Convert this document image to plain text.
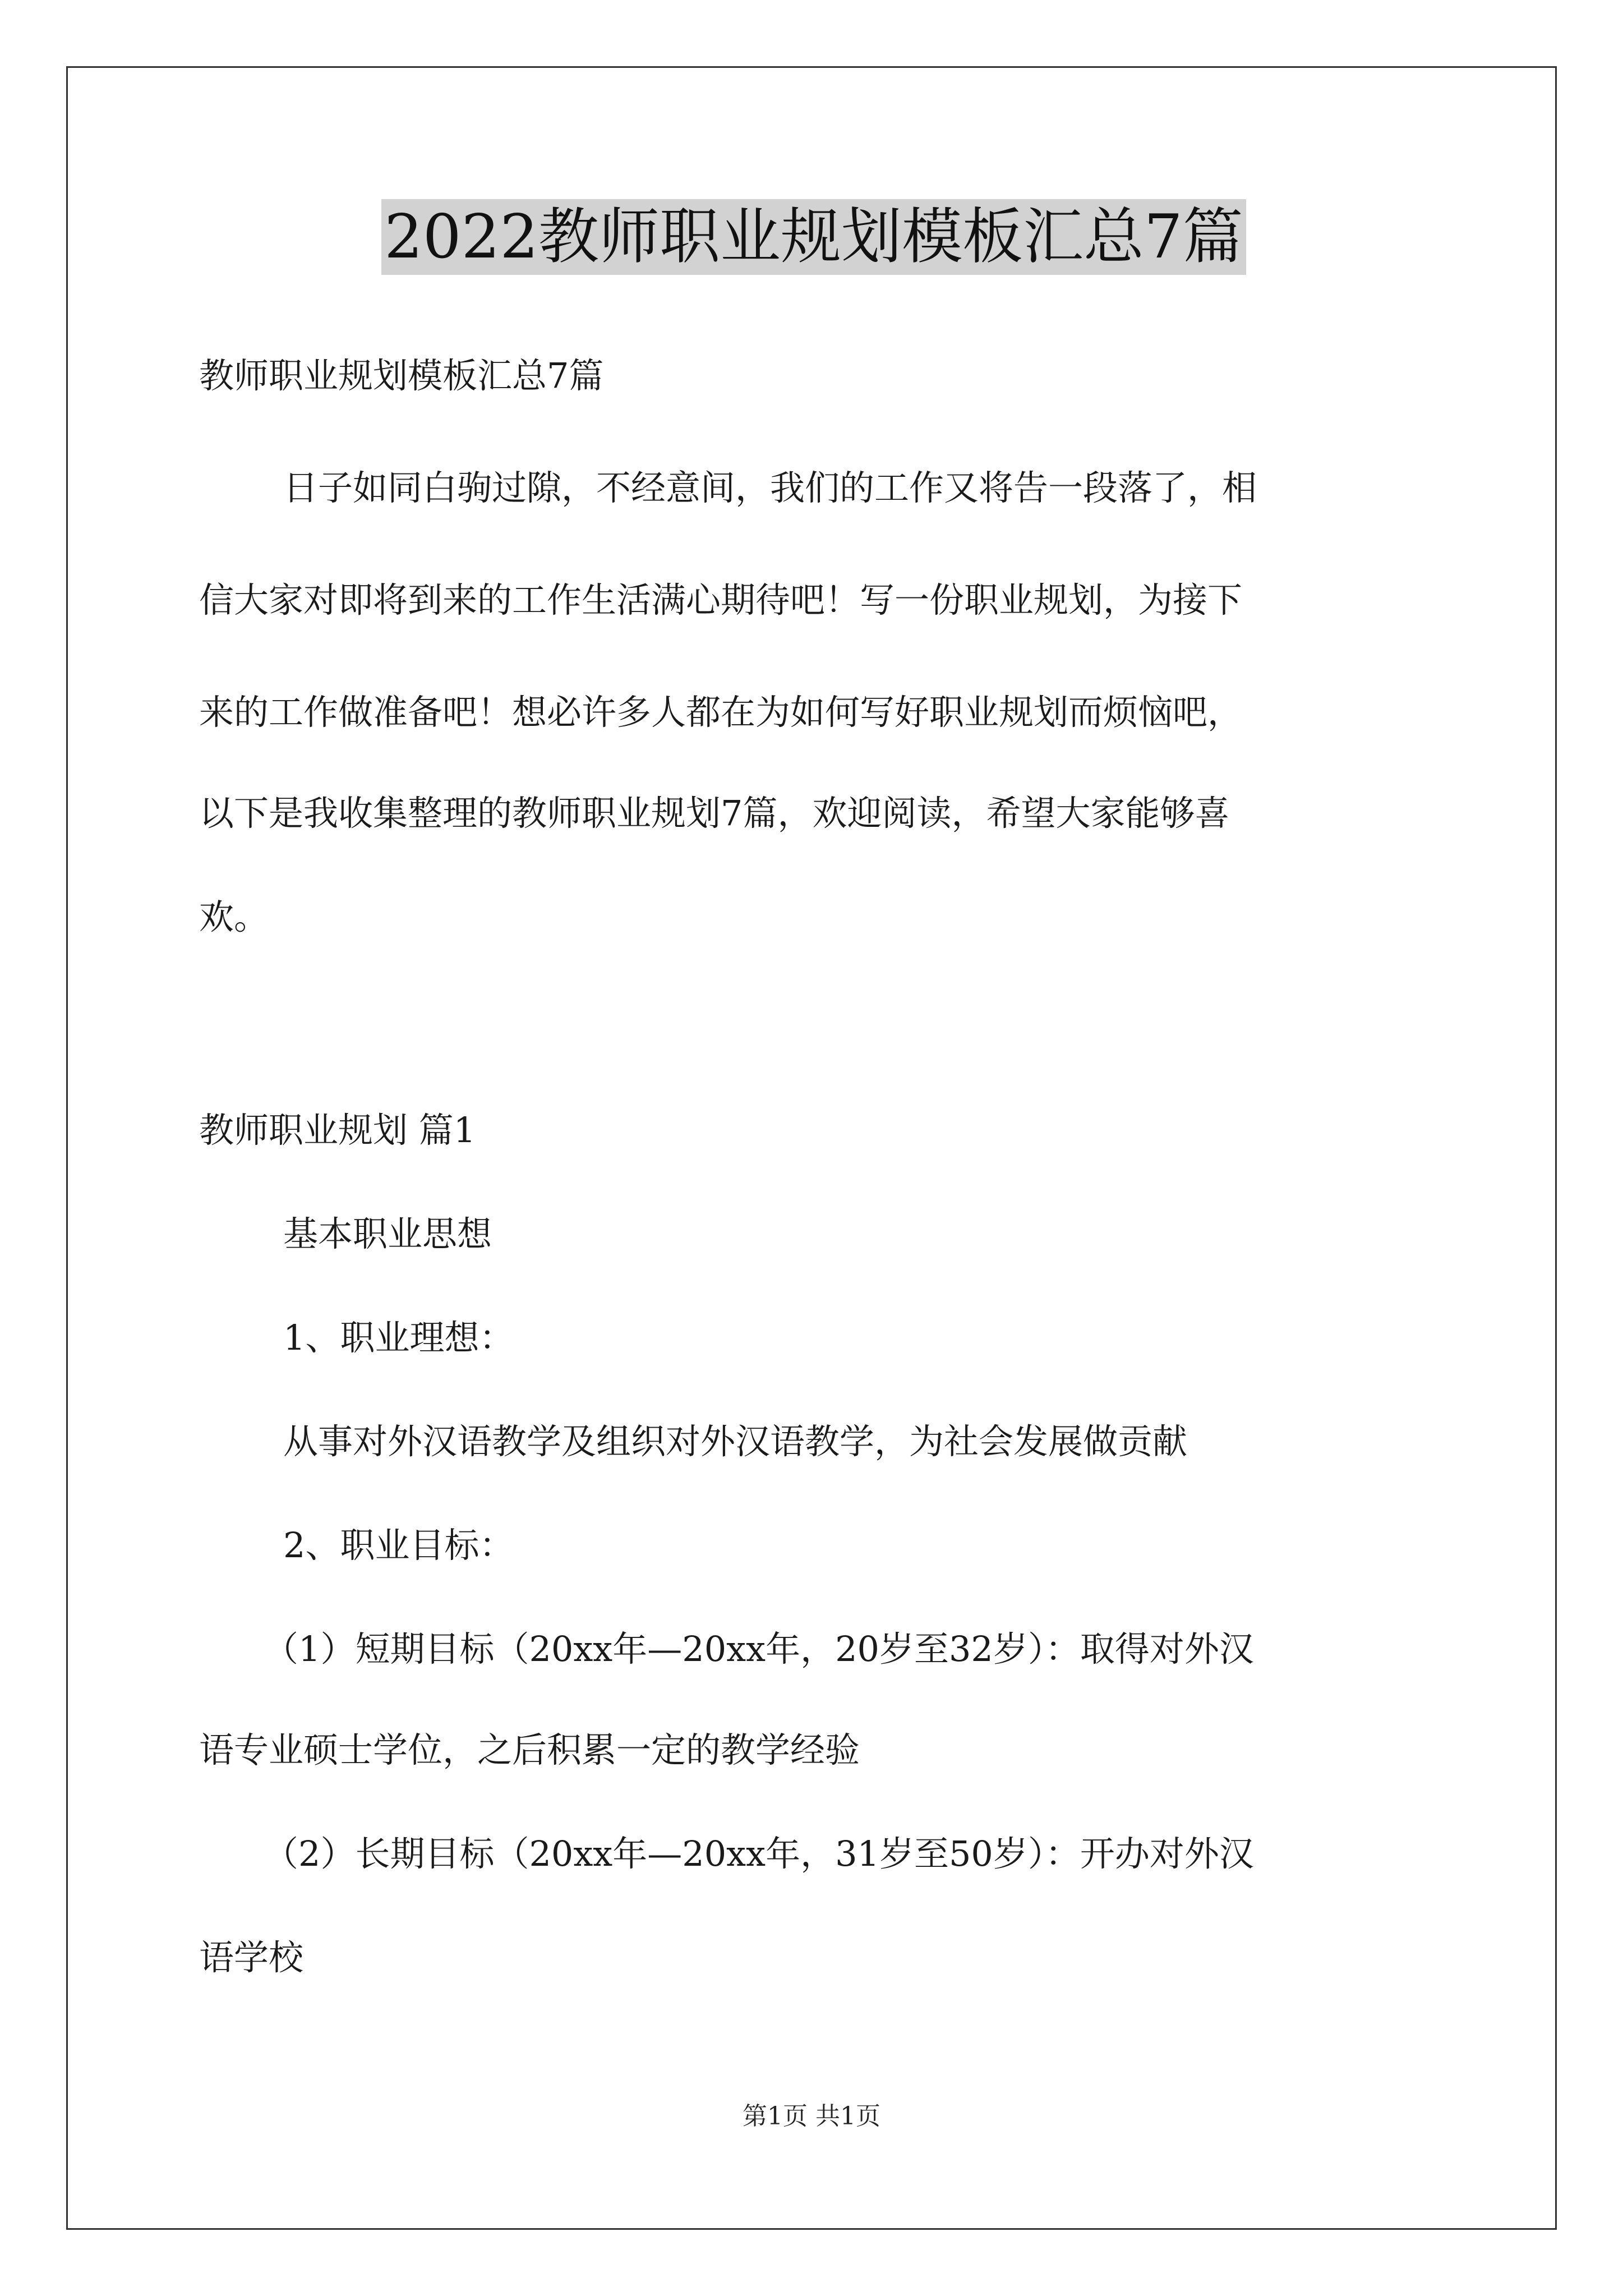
2022教师职业规划模板汇总7篇

教师职业规划模板汇总7篇

日子如同白驹过隙，不经意间，我们的工作又将告一段落了，相

信大家对即将到来的工作生活满心期待吧！写一份职业规划，为接下

来的工作做准备吧！想必许多人都在为如何写好职业规划而烦恼吧，

以下是我收集整理的教师职业规划7篇，欢迎阅读，希望大家能够喜

欢。

教师职业规划 篇1

基本职业思想

1、职业理想：

从事对外汉语教学及组织对外汉语教学，为社会发展做贡献

2、职业目标：

（1）短期目标（20xx年—20xx年，20岁至32岁）：取得对外汉

语专业硕士学位，之后积累一定的教学经验

（2）长期目标（20xx年—20xx年，31岁至50岁）：开办对外汉

语学校

第1页 共1页
